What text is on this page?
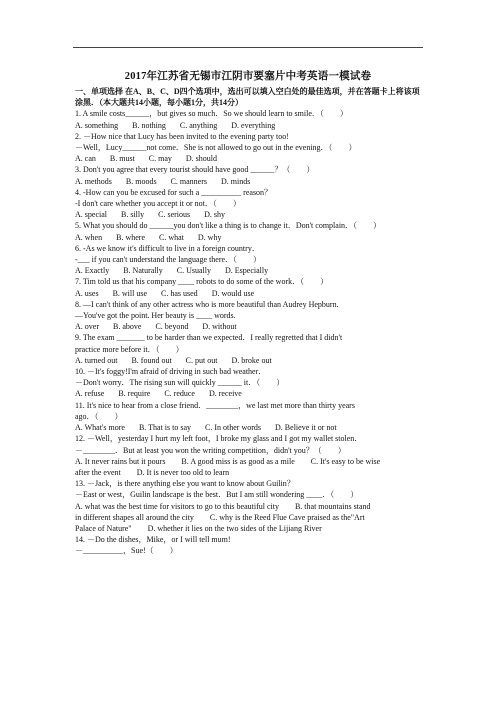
2017年江苏省无锡市江阴市要塞片中考英语一模试卷
一、单项选择 在A、B、C、D四个选项中，选出可以填入空白处的最佳选项，并在答题卡上将该项涂黑．（本大题共14小题，每小题1分，共14分）
1. A smile costs______，but gives so much．So we should learn to smile．（　　）
A. something B. nothing C. anything D. everything
2. －How nice that Lucy has been invited to the evening party too!
－Well，Lucy______not come．She is not allowed to go out in the evening．（　　）
A. can B. must C. may D. should
3. Don't you agree that every tourist should have good ______？（　　）
A. methods B. moods C. manners D. minds
4. -How can you be excused for such a __________ reason？
-I don't care whether you accept it or not．（　　）
A. special B. silly C. serious D. shy
5. What you should do ______you don't like a thing is to change it．Don't complain．（　　）
A. when B. where C. what D. why
6. -As we know it's difficult to live in a foreign country．
-___ if you can't understand the language there．（　　）
A. Exactly B. Naturally C. Usually D. Especially
7. Tim told us that his company ____ robots to do some of the work．（　　）
A. uses B. will use C. has used D. would use
8. —I can't think of any other actress who is more beautiful than Audrey Hepburn.
—You've got the point. Her beauty is ____ words.
A. over B. above C. beyond D. without
9. The exam _______ to be harder than we expected．I really regretted that I didn't
practice more before it．（　　）
A. turned out B. found out C. put out D. broke out
10. －It's foggy!I'm afraid of driving in such bad weather．
－Don't worry．The rising sun will quickly ______ it．（　　）
A. refuse B. require C. reduce D. receive
11. It's nice to hear from a close friend．________，we last met more than thirty years
ago．（　　）
A. What's more B. That is to say C. In other words D. Believe it or not
12. －Well，yesterday I hurt my left foot，I broke my glass and I got my wallet stolen．
－________．But at least you won the writing competition，didn't you？（　　）
A. It never rains but it pours　　B. A good miss is as good as a mile　　C. It's easy to be wise
after the event　　D. It is never too old to learn
13. －Jack，is there anything else you want to know about Guilin？
－East or west，Guilin landscape is the best．But I am still wondering ____．（　　）
A. what was the best time for visitors to go to this beautiful city　　B. that mountains stand
in different shapes all around the city　　C. why is the Reed Flue Cave praised as the"Art
Palace of Nature"　　D. whether it lies on the two sides of the Lijiang River
14. －Do the dishes，Mike，or I will tell mum!
－__________，Sue!（　　）
